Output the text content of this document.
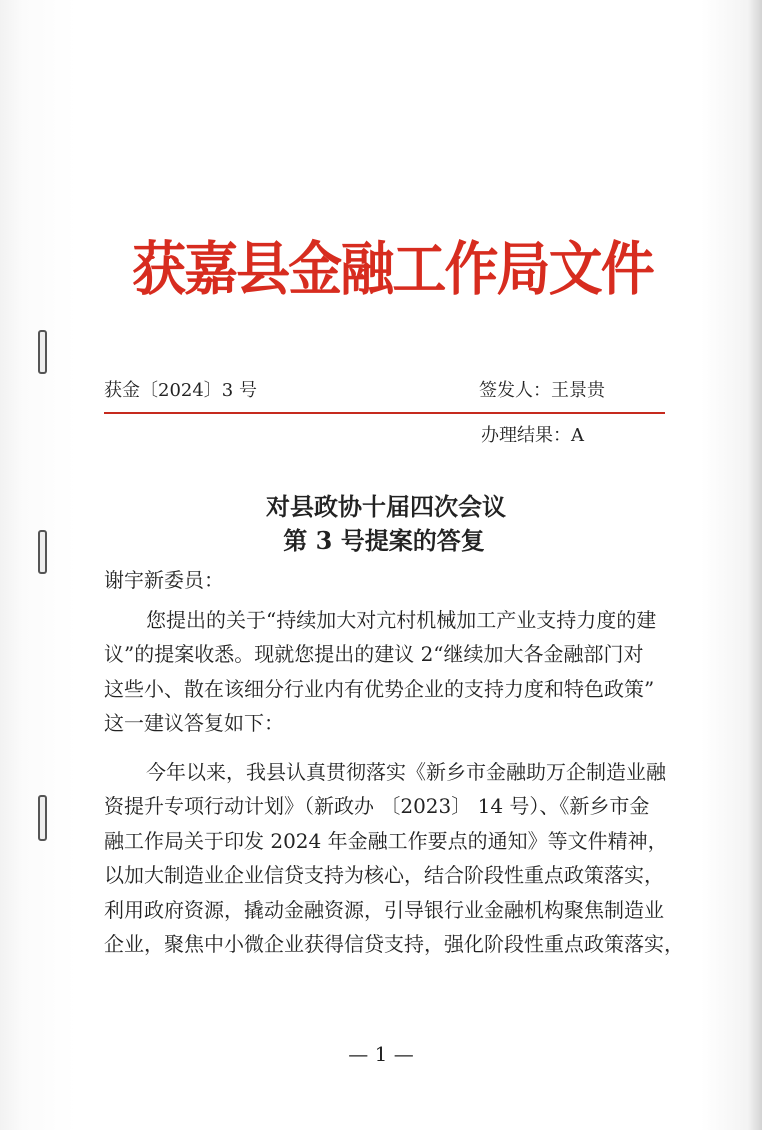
获嘉县金融工作局文件
获金〔2024〕3 号	签发人：王景贵
办理结果：A
对县政协十届四次会议
第 3 号提案的答复
谢宇新委员：
您提出的关于“持续加大对亢村机械加工产业支持力度的建
议”的提案收悉。现就您提出的建议 2“继续加大各金融部门对
这些小、散在该细分行业内有优势企业的支持力度和特色政策”
这一建议答复如下：
今年以来，我县认真贯彻落实《新乡市金融助万企制造业融
资提升专项行动计划》（新政办 〔2023〕 14 号）、《新乡市金
融工作局关于印发 2024 年金融工作要点的通知》等文件精神，
以加大制造业企业信贷支持为核心，结合阶段性重点政策落实，
利用政府资源，撬动金融资源，引导银行业金融机构聚焦制造业
企业，聚焦中小微企业获得信贷支持，强化阶段性重点政策落实，
— 1 —
